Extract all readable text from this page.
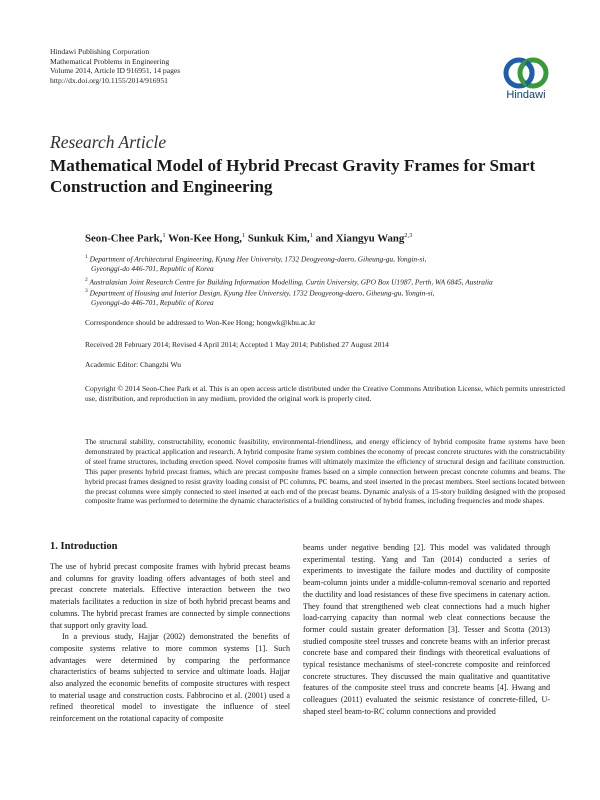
Hindawi Publishing Corporation
Mathematical Problems in Engineering
Volume 2014, Article ID 916951, 14 pages
http://dx.doi.org/10.1155/2014/916951
Hindawi
Research Article
Mathematical Model of Hybrid Precast Gravity Frames for Smart
Construction and Engineering
Seon-Chee Park,$^1$ Won-Kee Hong,$^1$ Sunkuk Kim,$^1$ and Xiangyu Wang$^{2,3}$
$^1$ Department of Architectural Engineering, Kyung Hee University, 1732 Deogyeong-daero, Giheung-gu, Yongin-si,
Gyeonggi-do 446-701, Republic of Korea
$^2$ Australasian Joint Research Centre for Building Information Modelling, Curtin University, GPO Box U1987, Perth, WA 6845, Australia
$^3$ Department of Housing and Interior Design, Kyung Hee University, 1732 Deogyeong-daero, Giheung-gu, Yongin-si,
Gyeonggi-do 446-701, Republic of Korea
Correspondence should be addressed to Won-Kee Hong; hongwk@khu.ac.kr
Received 28 February 2014; Revised 4 April 2014; Accepted 1 May 2014; Published 27 August 2014
Academic Editor: Changzhi Wu
Copyright © 2014 Seon-Chee Park et al. This is an open access article distributed under the Creative Commons Attribution License, which permits unrestricted use, distribution, and reproduction in any medium, provided the original work is properly cited.
The structural stability, constructability, economic feasibility, environmental-friendliness, and energy efficiency of hybrid composite frame systems have been demonstrated by practical application and research. A hybrid composite frame system combines the economy of precast concrete structures with the constructability of steel frame structures, including erection speed. Novel composite frames will ultimately maximize the efficiency of structural design and facilitate construction. This paper presents hybrid precast frames, which are precast composite frames based on a simple connection between precast concrete columns and beams. The hybrid precast frames designed to resist gravity loading consist of PC columns, PC beams, and steel inserted in the precast members. Steel sections located between the precast columns were simply connected to steel inserted at each end of the precast beams. Dynamic analysis of a 15-story building designed with the proposed composite frame was performed to determine the dynamic characteristics of a building constructed of hybrid frames, including frequencies and mode shapes.
1. Introduction

The use of hybrid precast composite frames with hybrid precast beams and columns for gravity loading offers advantages of both steel and precast concrete materials. Effective interaction between the two materials facilitates a reduction in size of both hybrid precast beams and columns. The hybrid precast frames are connected by simple connections that support only gravity load.

In a previous study, Hajjar (2002) demonstrated the benefits of composite systems relative to more common systems [1]. Such advantages were determined by comparing the performance characteristics of beams subjected to service and ultimate loads. Hajjar also analyzed the economic benefits of composite structures with respect to material usage and construction costs. Fabbrocino et al. (2001) used a refined theoretical model to investigate the influence of steel reinforcement on the rotational capacity of composite

beams under negative bending [2]. This model was validated through experimental testing. Yang and Tan (2014) conducted a series of experiments to investigate the failure modes and ductility of composite beam-column joints under a middle-column-removal scenario and reported the ductility and load resistances of these five specimens in catenary action. They found that strengthened web cleat connections had a much higher load-carrying capacity than normal web cleat connections because the former could sustain greater deformation [3]. Tesser and Scotta (2013) studied composite steel trusses and concrete beams with an inferior precast concrete base and compared their findings with theoretical evaluations of typical resistance mechanisms of steel-concrete composite and reinforced concrete structures. They discussed the main qualitative and quantitative features of the composite steel truss and concrete beams [4]. Hwang and colleagues (2011) evaluated the seismic resistance of concrete-filled, U-shaped steel beam-to-RC column connections and provided
